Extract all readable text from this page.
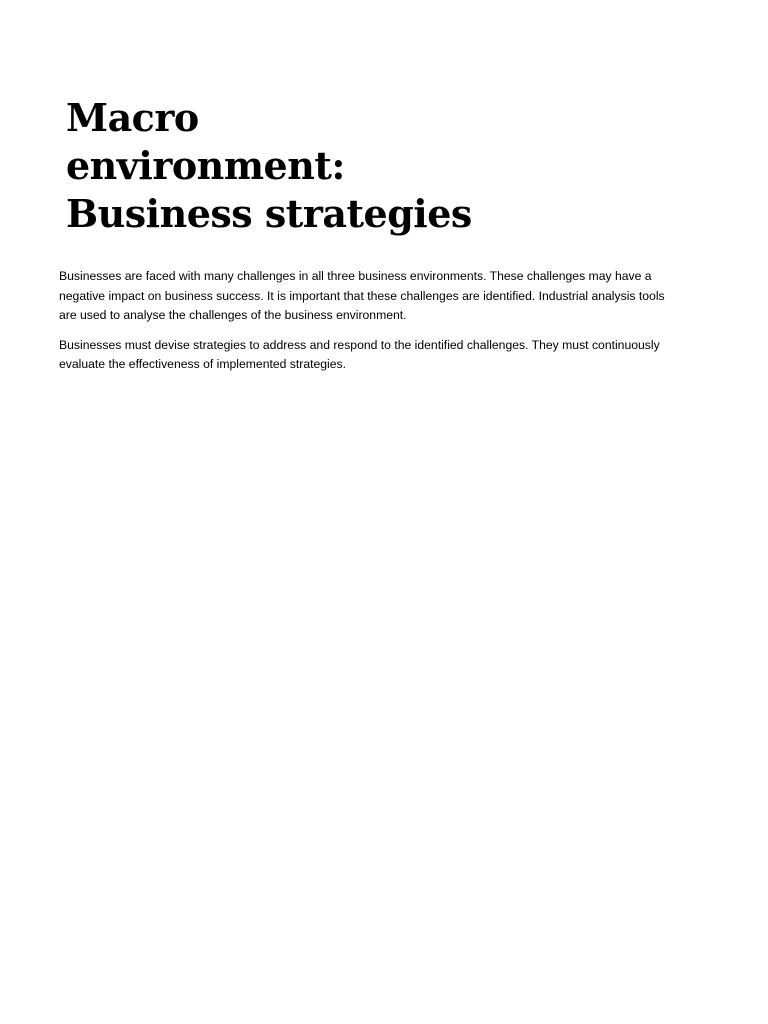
Macro
environment:
Business strategies

Businesses are faced with many challenges in all three business environments. These challenges may have a
negative impact on business success. It is important that these challenges are identified. Industrial analysis tools
are used to analyse the challenges of the business environment.

Businesses must devise strategies to address and respond to the identified challenges. They must continuously
evaluate the effectiveness of implemented strategies.
